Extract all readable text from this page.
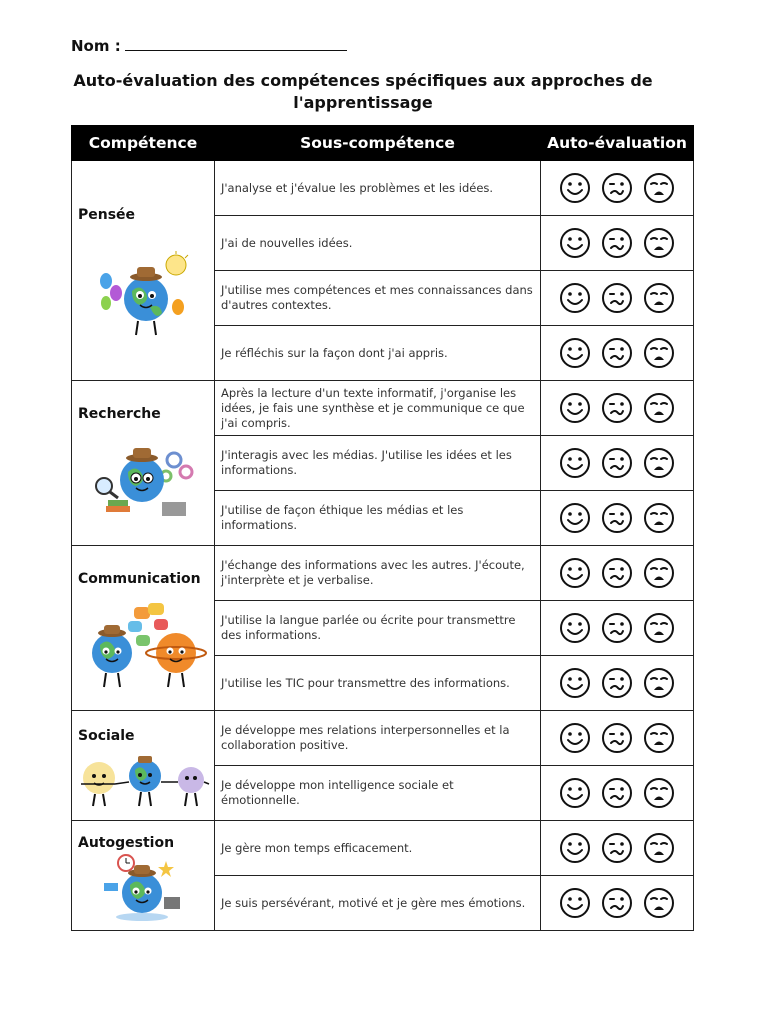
Nom :
Auto-évaluation des compétences spécifiques aux approches de l'apprentissage
Compétence	Sous-compétence	Auto-évaluation

Pensée	J'analyse et j'évalue les problèmes et les idées.	

	J'ai de nouvelles idées.	

	J'utilise mes compétences et mes connaissances dans d'autres contextes.	

	Je réfléchis sur la façon dont j'ai appris.	

Recherche	Après la lecture d'un texte informatif, j'organise les idées, je fais une synthèse et je communique ce que j'ai compris.	

	J'interagis avec les médias. J'utilise les idées et les informations.	

	J'utilise de façon éthique les médias et les informations.	

Communication	J'échange des informations avec les autres. J'écoute, j'interprète et je verbalise.	

	J'utilise la langue parlée ou écrite pour transmettre des informations.	

	J'utilise les TIC pour transmettre des informations.	

Sociale	Je développe mes relations interpersonnelles et la collaboration positive.	

	Je développe mon intelligence sociale et émotionnelle.	

Autogestion	Je gère mon temps efficacement.	

	Je suis persévérant, motivé et je gère mes émotions.	
